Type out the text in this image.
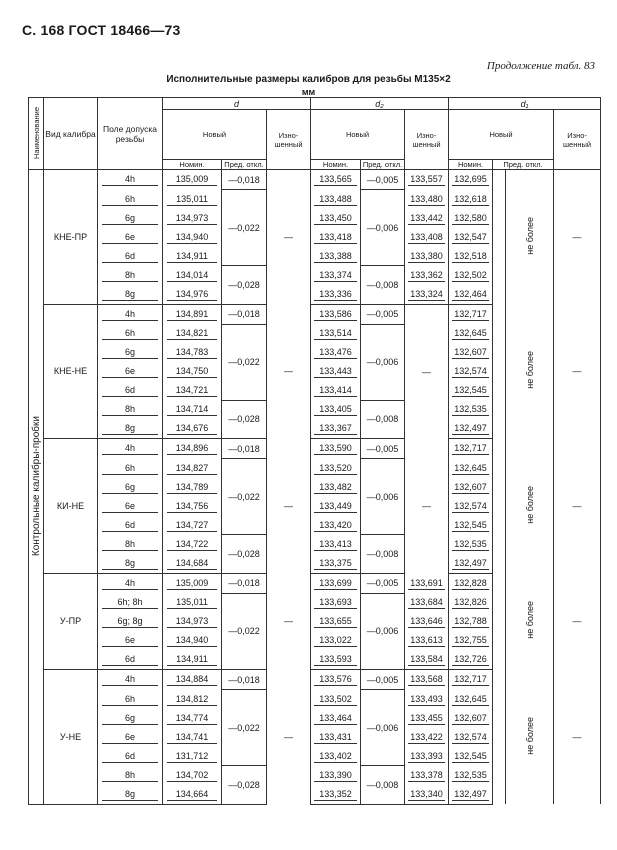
С. 168 ГОСТ 18466—73
Продолжение табл. 83
Исполнительные размеры калибров для резьбы М135×2
мм
Наименование	Вид калибра	Поле допуска резьбы	d			d₂			d₁			
			Новый		Изно-шенный	Новый		Изно-шенный	Новый			Изно-шенный
			Номин.	Пред. откл.		Номин.	Пред. откл.		Номин.	Пред. откл.		
Контрольные калибры-пробки	КНЕ-ПР	4h	135,009	—0,018	—	133,565	—0,005	133,557	132,695		не более	—
		6h	135,011	—0,022		133,488	—0,006	133,480	132,618			
		6g	134,973			133,450		133,442	132,580			
		6e	134,940			133,418		133,408	132,547			
		6d	134,911			133,388		133,380	132,518			
		8h	134,014	—0,028		133,374	—0,008	133,362	132,502			
		8g	134,976			133,336		133,324	132,464			
	КНЕ-НЕ	4h	134,891	—0,018	—	133,586	—0,005	—	132,717		не более	—
		6h	134,821	—0,022		133,514	—0,006		132,645			
		6g	134,783			133,476			132,607			
		6e	134,750			133,443			132,574			
		6d	134,721			133,414			132,545			
		8h	134,714	—0,028		133,405	—0,008		132,535			
		8g	134,676			133,367			132,497			
	КИ-НЕ	4h	134,896	—0,018	—	133,590	—0,005	—	132,717		не более	—
		6h	134,827	—0,022		133,520	—0,006		132,645			
		6g	134,789			133,482			132,607			
		6e	134,756			133,449			132,574			
		6d	134,727			133,420			132,545			
		8h	134,722	—0,028		133,413	—0,008		132,535			
		8g	134,684			133,375			132,497			
	У-ПР	4h	135,009	—0,018	—	133,699	—0,005	133,691	132,828		не более	—
		6h; 8h	135,011	—0,022		133,693	—0,006	133,684	132,826			
		6g; 8g	134,973			133,655		133,646	132,788			
		6e	134,940			133,022		133,613	132,755			
		6d	134,911			133,593		133,584	132,726			
	У-НЕ	4h	134,884	—0,018	—	133,576	—0,005	133,568	132,717		не более	—
		6h	134,812	—0,022		133,502	—0,006	133,493	132,645			
		6g	134,774			133,464		133,455	132,607			
		6e	134,741			133,431		133,422	132,574			
		6d	131,712			133,402		133,393	132,545			
		8h	134,702	—0,028		133,390	—0,008	133,378	132,535			
		8g	134,664			133,352		133,340	132,497			
